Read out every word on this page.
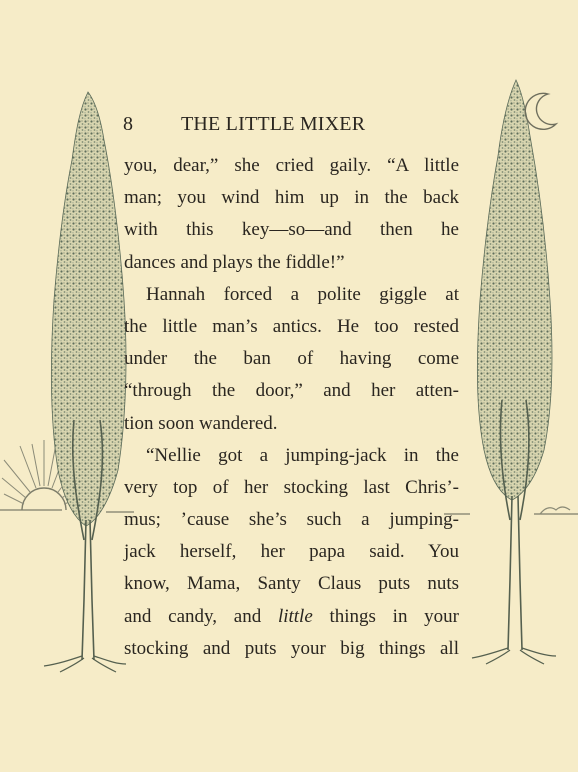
8 THE LITTLE MIXER
you, dear,” she cried gaily. “A little
man; you wind him up in the back
with this key—so—and then he
dances and plays the fiddle!”
Hannah forced a polite giggle at
the little man’s antics. He too rested
under the ban of having come
“through the door,” and her atten-
tion soon wandered.
“Nellie got a jumping-jack in the
very top of her stocking last Chris’-
mus; ’cause she’s such a jumping-
jack herself, her papa said. You
know, Mama, Santy Claus puts nuts
and candy, and little things in your
stocking and puts your big things all
